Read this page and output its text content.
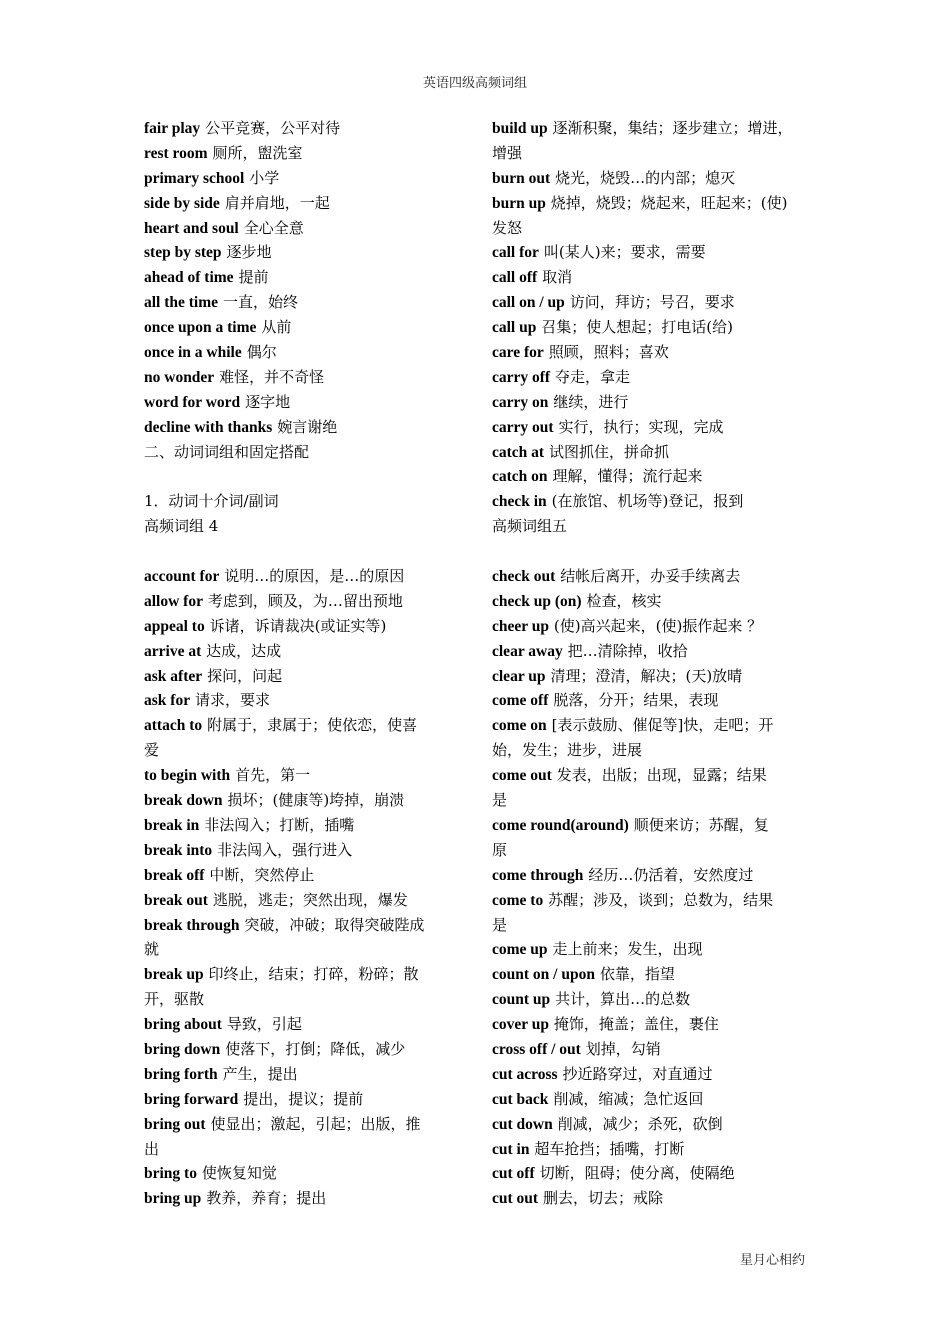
英语四级高频词组
fair play 公平竞赛，公平对待
rest room 厕所，盥洗室
primary school 小学
side by side 肩并肩地，一起
heart and soul 全心全意
step by step 逐步地
ahead of time 提前
all the time 一直，始终
once upon a time 从前
once in a while 偶尔
no wonder 难怪，并不奇怪
word for word 逐字地
decline with thanks 婉言谢绝
二、动词词组和固定搭配
1．动词十介词/副词
高频词组 4
account for 说明…的原因，是…的原因
allow for 考虑到，顾及，为…留出预地
appeal to 诉诸，诉请裁决(或证实等)
arrive at 达成，达成
ask after 探问，问起
ask for 请求，要求
attach to 附属于，隶属于；使依恋，使喜
爱
to begin with 首先，第一
break down 损坏；(健康等)垮掉，崩溃
break in 非法闯入；打断，插嘴
break into 非法闯入，强行进入
break off 中断，突然停止
break out 逃脱，逃走；突然出现，爆发
break through 突破，冲破；取得突破陛成
就
break up 印终止，结束；打碎，粉碎；散
开，驱散
bring about 导致，引起
bring down 使落下，打倒；降低，减少
bring forth 产生，提出
bring forward 提出，提议；提前
bring out 使显出；激起，引起；出版，推
出
bring to 使恢复知觉
bring up 教养，养育；提出
build up 逐渐积聚，集结；逐步建立；增进，
增强
burn out 烧光，烧毁…的内部；熄灭
burn up 烧掉，烧毁；烧起来，旺起来；(使)
发怒
call for 叫(某人)来；要求，需要
call off 取消
call on / up 访问，拜访；号召，要求
call up 召集；使人想起；打电话(给)
care for 照顾，照料；喜欢
carry off 夺走，拿走
carry on 继续，进行
carry out 实行，执行；实现，完成
catch at 试图抓住，拼命抓
catch on 理解，懂得；流行起来
check in (在旅馆、机场等)登记，报到
高频词组五
check out 结帐后离开，办妥手续离去
check up (on) 检查，核实
cheer up (使)高兴起来，(使)振作起来 ？
clear away 把…清除掉，收拾
clear up 清理；澄清，解决；(天)放晴
come off 脱落，分开；结果，表现
come on [表示鼓励、催促等]快，走吧；开
始，发生；进步，进展
come out 发表，出版；出现，显露；结果
是
come round(around) 顺便来访；苏醒，复
原
come through 经历…仍活着，安然度过
come to 苏醒；涉及，谈到；总数为，结果
是
come up 走上前来；发生，出现
count on / upon 依靠，指望
count up 共计，算出…的总数
cover up 掩饰，掩盖；盖住，裹住
cross off / out 划掉，勾销
cut across 抄近路穿过，对直通过
cut back 削减，缩减；急忙返回
cut down 削减，减少；杀死，砍倒
cut in 超车抢挡；插嘴，打断
cut off 切断，阻碍；使分离，使隔绝
cut out 删去，切去；戒除
星月心相约
